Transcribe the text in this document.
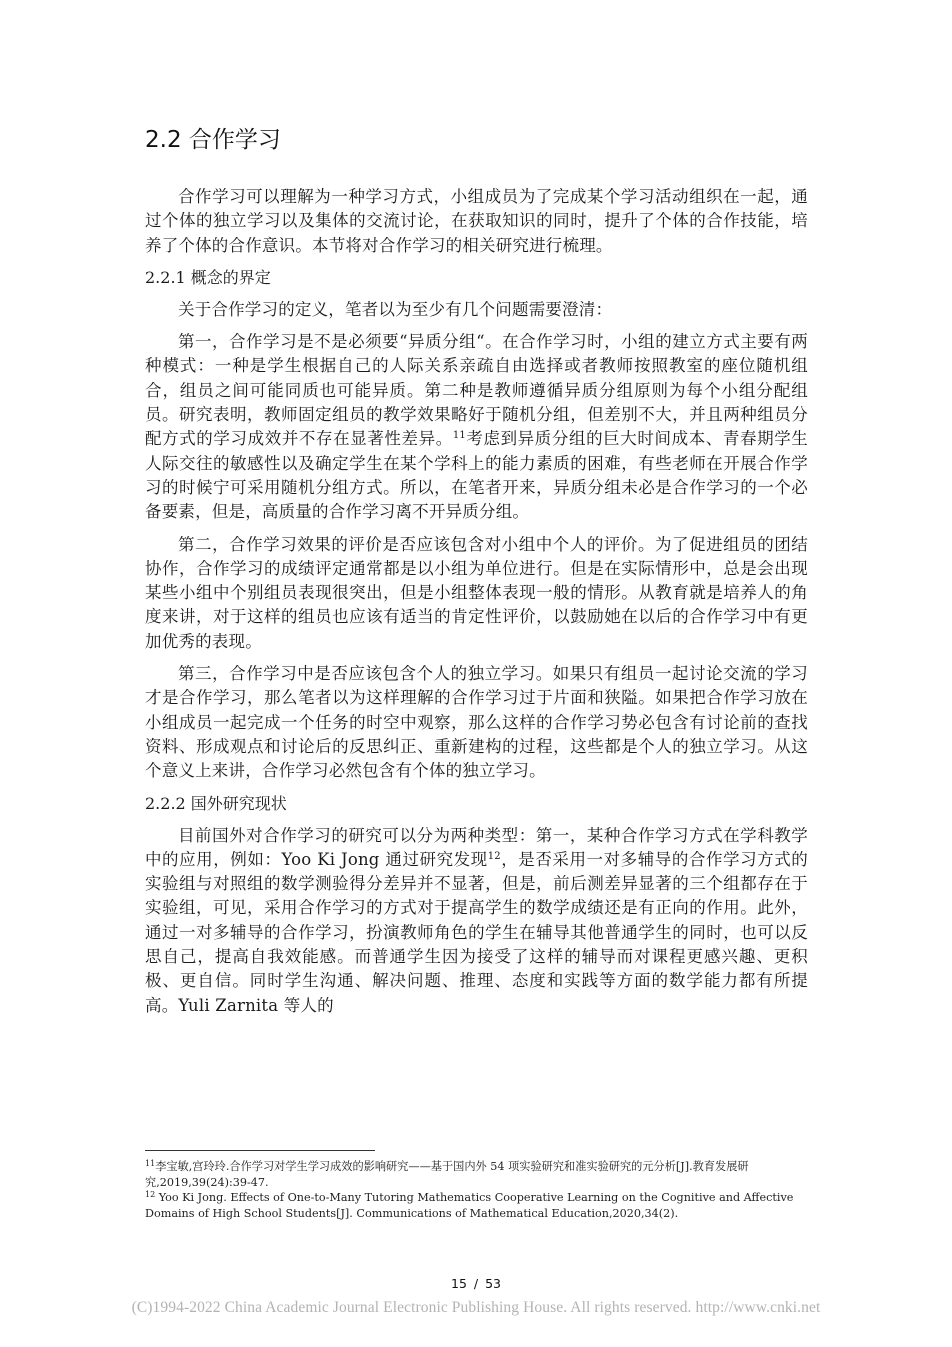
2.2 合作学习

合作学习可以理解为一种学习方式，小组成员为了完成某个学习活动组织在一起，通过个体的独立学习以及集体的交流讨论，在获取知识的同时，提升了个体的合作技能，培养了个体的合作意识。本节将对合作学习的相关研究进行梳理。

2.2.1 概念的界定

关于合作学习的定义，笔者以为至少有几个问题需要澄清：

第一，合作学习是不是必须要“异质分组“。在合作学习时，小组的建立方式主要有两种模式：一种是学生根据自己的人际关系亲疏自由选择或者教师按照教室的座位随机组合，组员之间可能同质也可能异质。第二种是教师遵循异质分组原则为每个小组分配组员。研究表明，教师固定组员的教学效果略好于随机分组，但差别不大，并且两种组员分配方式的学习成效并不存在显著性差异。$^{11}$考虑到异质分组的巨大时间成本、青春期学生人际交往的敏感性以及确定学生在某个学科上的能力素质的困难，有些老师在开展合作学习的时候宁可采用随机分组方式。所以，在笔者开来，异质分组未必是合作学习的一个必备要素，但是，高质量的合作学习离不开异质分组。

第二，合作学习效果的评价是否应该包含对小组中个人的评价。为了促进组员的团结协作，合作学习的成绩评定通常都是以小组为单位进行。但是在实际情形中，总是会出现某些小组中个别组员表现很突出，但是小组整体表现一般的情形。从教育就是培养人的角度来讲，对于这样的组员也应该有适当的肯定性评价，以鼓励她在以后的合作学习中有更加优秀的表现。

第三，合作学习中是否应该包含个人的独立学习。如果只有组员一起讨论交流的学习才是合作学习，那么笔者以为这样理解的合作学习过于片面和狭隘。如果把合作学习放在小组成员一起完成一个任务的时空中观察，那么这样的合作学习势必包含有讨论前的查找资料、形成观点和讨论后的反思纠正、重新建构的过程，这些都是个人的独立学习。从这个意义上来讲，合作学习必然包含有个体的独立学习。

2.2.2 国外研究现状

目前国外对合作学习的研究可以分为两种类型：第一，某种合作学习方式在学科教学中的应用，例如：Yoo Ki Jong 通过研究发现$^{12}$，是否采用一对多辅导的合作学习方式的实验组与对照组的数学测验得分差异并不显著，但是，前后测差异显著的三个组都存在于实验组，可见，采用合作学习的方式对于提高学生的数学成绩还是有正向的作用。此外，通过一对多辅导的合作学习，扮演教师角色的学生在辅导其他普通学生的同时，也可以反思自己，提高自我效能感。而普通学生因为接受了这样的辅导而对课程更感兴趣、更积极、更自信。同时学生沟通、解决问题、推理、态度和实践等方面的数学能力都有所提高。Yuli Zarnita 等人的

$^{11}$李宝敏,宫玲玲.合作学习对学生学习成效的影响研究——基于国内外 54 项实验研究和准实验研究的元分析[J].教育发展研究,2019,39(24):39-47.

$^{12}$ Yoo Ki Jong. Effects of One-to-Many Tutoring Mathematics Cooperative Learning on the Cognitive and Affective Domains of High School Students[J]. Communications of Mathematical Education,2020,34(2).

15 / 53
(C)1994-2022 China Academic Journal Electronic Publishing House. All rights reserved. http://www.cnki.net
